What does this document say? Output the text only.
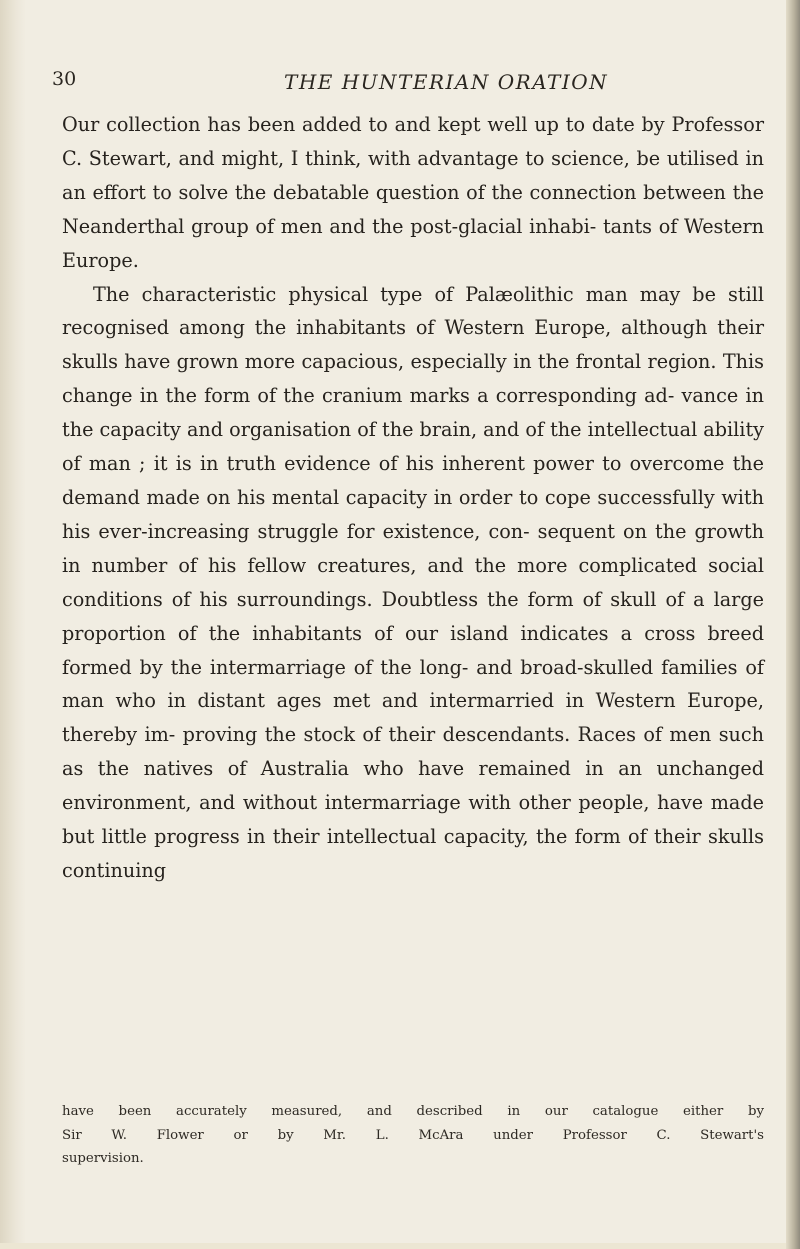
30	THE HUNTERIAN ORATION

Our collection has been added to and kept well up to date by Professor C. Stewart, and might, I think, with advantage to science, be utilised in an effort to solve the debatable question of the connection between the Neanderthal group of men and the post-glacial inhabi- tants of Western Europe.

The characteristic physical type of Palæolithic man may be still recognised among the inhabitants of Western Europe, although their skulls have grown more capacious, especially in the frontal region. This change in the form of the cranium marks a corresponding ad- vance in the capacity and organisation of the brain, and of the intellectual ability of man ; it is in truth evidence of his inherent power to overcome the demand made on his mental capacity in order to cope successfully with his ever-increasing struggle for existence, con- sequent on the growth in number of his fellow creatures, and the more complicated social conditions of his surroundings. Doubtless the form of skull of a large proportion of the inhabitants of our island indicates a cross breed formed by the intermarriage of the long- and broad-skulled families of man who in distant ages met and intermarried in Western Europe, thereby im- proving the stock of their descendants. Races of men such as the natives of Australia who have remained in an unchanged environment, and without intermarriage with other people, have made but little progress in their intellectual capacity, the form of their skulls continuing

have been accurately measured, and described in our catalogue either by
Sir W. Flower or by Mr. L. McAra under Professor C. Stewart's
supervision.
